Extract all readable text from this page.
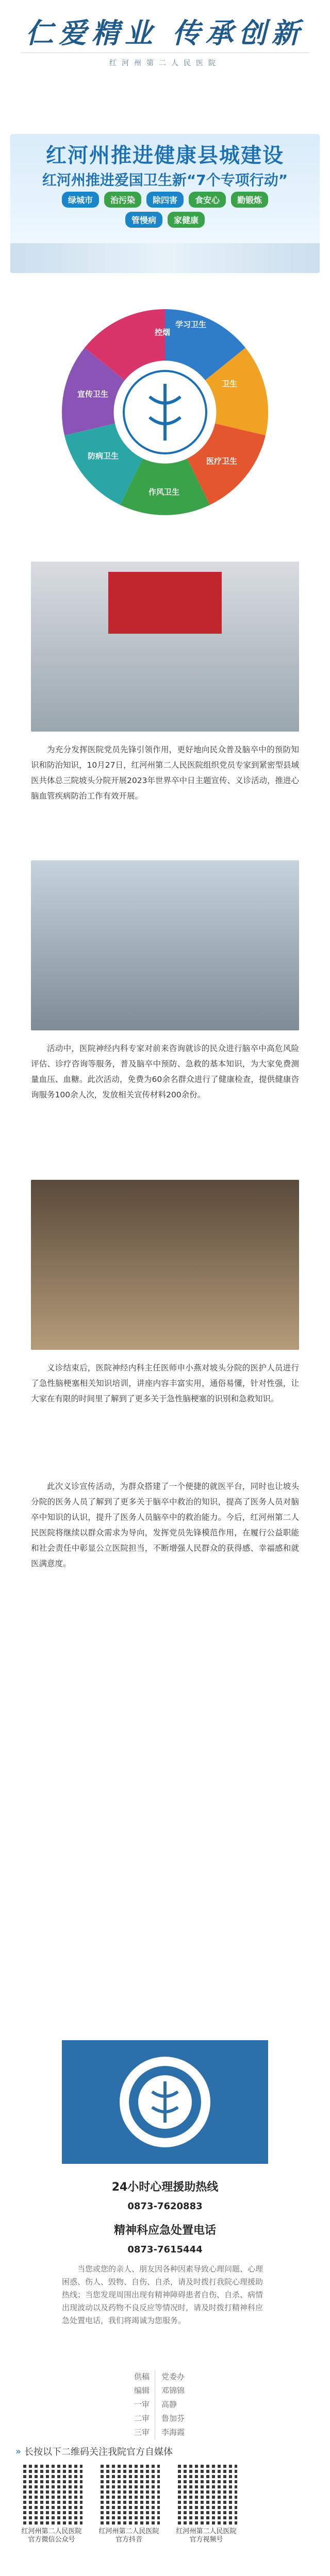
仁爱精业 传承创新
红河州第二人民医院
红河州推进健康县城建设
红河州推进爱国卫生新“7个专项行动”
绿城市	治污染	除四害	食安心	勤锻炼
管慢病	家健康
控烟
卫生
医疗卫生
学习卫生
宣传卫生
作风卫生
防病卫生
为充分发挥医院党员先锋引领作用，更好地向民众普及脑卒中的预防知识和防治知识，10月27日，红河州第二人民医院组织党员专家到紧密型县域医共体总三院坡头分院开展2023年世界卒中日主题宣传、义诊活动，推进心脑血管疾病防治工作有效开展。
活动中，医院神经内科专家对前来咨询就诊的民众进行脑卒中高危风险评估、诊疗咨询等服务，普及脑卒中预防、急救的基本知识，为大家免费测量血压、血糖。此次活动，免费为60余名群众进行了健康检查，提供健康咨询服务100余人次，发放相关宣传材料200余份。
义诊结束后，医院神经内科主任医师申小燕对坡头分院的医护人员进行了急性脑梗塞相关知识培训，讲座内容丰富实用，通俗易懂，针对性强，让大家在有限的时间里了解到了更多关于急性脑梗塞的识别和急救知识。
此次义诊宣传活动，为群众搭建了一个便捷的就医平台，同时也让坡头分院的医务人员了解到了更多关于脑卒中救治的知识，提高了医务人员对脑卒中知识的认识，提升了医务人员脑卒中的救治能力。今后，红河州第二人民医院将继续以群众需求为导向，发挥党员先锋模范作用，在履行公益职能和社会责任中彰显公立医院担当，不断增强人民群众的获得感、幸福感和就医满意度。
24小时心理援助热线
0873-7620883
精神科应急处置电话
0873-7615444
当您或您的亲人、朋友因各种因素导致心理问题、心理困惑、伤人、毁物、自伤、自杀，请及时拨打我院心理援助热线；当您发现周围出现有精神障碍患者自伤、自杀、病情出现波动以及药物不良反应等情况时，请及时拨打精神科应急处置电话，我们将竭诚为您服务。
供稿	党委办
编辑	邓锦锦
一审	高静
二审	鲁加芬
三审	李海霞
» 长按以下二维码关注我院官方自媒体
红河州第二人民医院官方微信公众号
红河州第二人民医院官方抖音
红河州第二人民医院官方视频号
